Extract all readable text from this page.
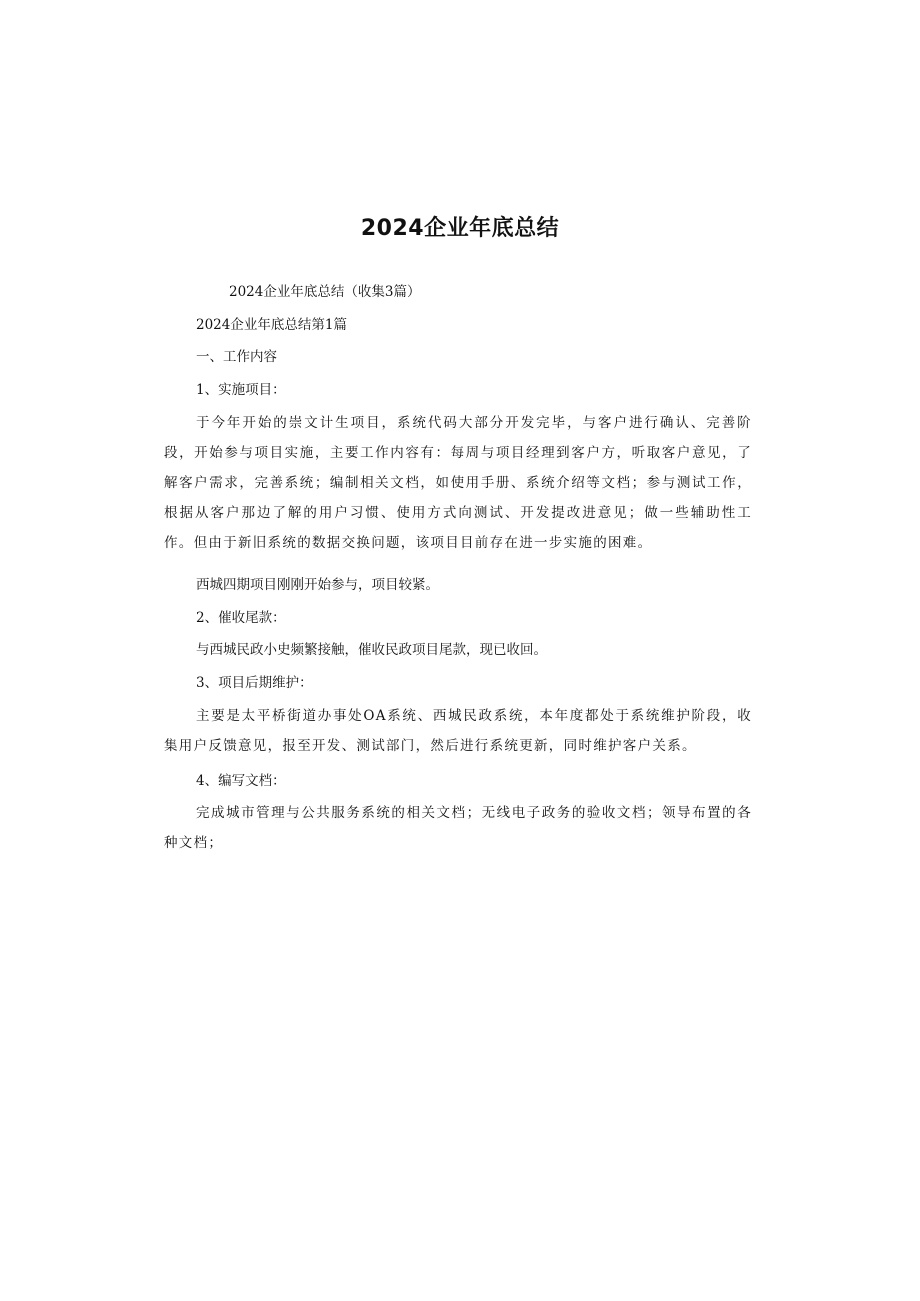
2024企业年底总结
2024企业年底总结（收集3篇）
2024企业年底总结第1篇
一、工作内容
1、实施项目：
于今年开始的崇文计生项目，系统代码大部分开发完毕，与客户进行确认、完善阶段，开始参与项目实施，主要工作内容有：每周与项目经理到客户方，听取客户意见，了解客户需求，完善系统；编制相关文档，如使用手册、系统介绍等文档；参与测试工作，根据从客户那边了解的用户习惯、使用方式向测试、开发提改进意见；做一些辅助性工作。但由于新旧系统的数据交换问题，该项目目前存在进一步实施的困难。
西城四期项目刚刚开始参与，项目较紧。
2、催收尾款：
与西城民政小史频繁接触，催收民政项目尾款，现已收回。
3、项目后期维护：
主要是太平桥街道办事处OA系统、西城民政系统，本年度都处于系统维护阶段，收集用户反馈意见，报至开发、测试部门，然后进行系统更新，同时维护客户关系。
4、编写文档：
完成城市管理与公共服务系统的相关文档；无线电子政务的验收文档；领导布置的各种文档；
